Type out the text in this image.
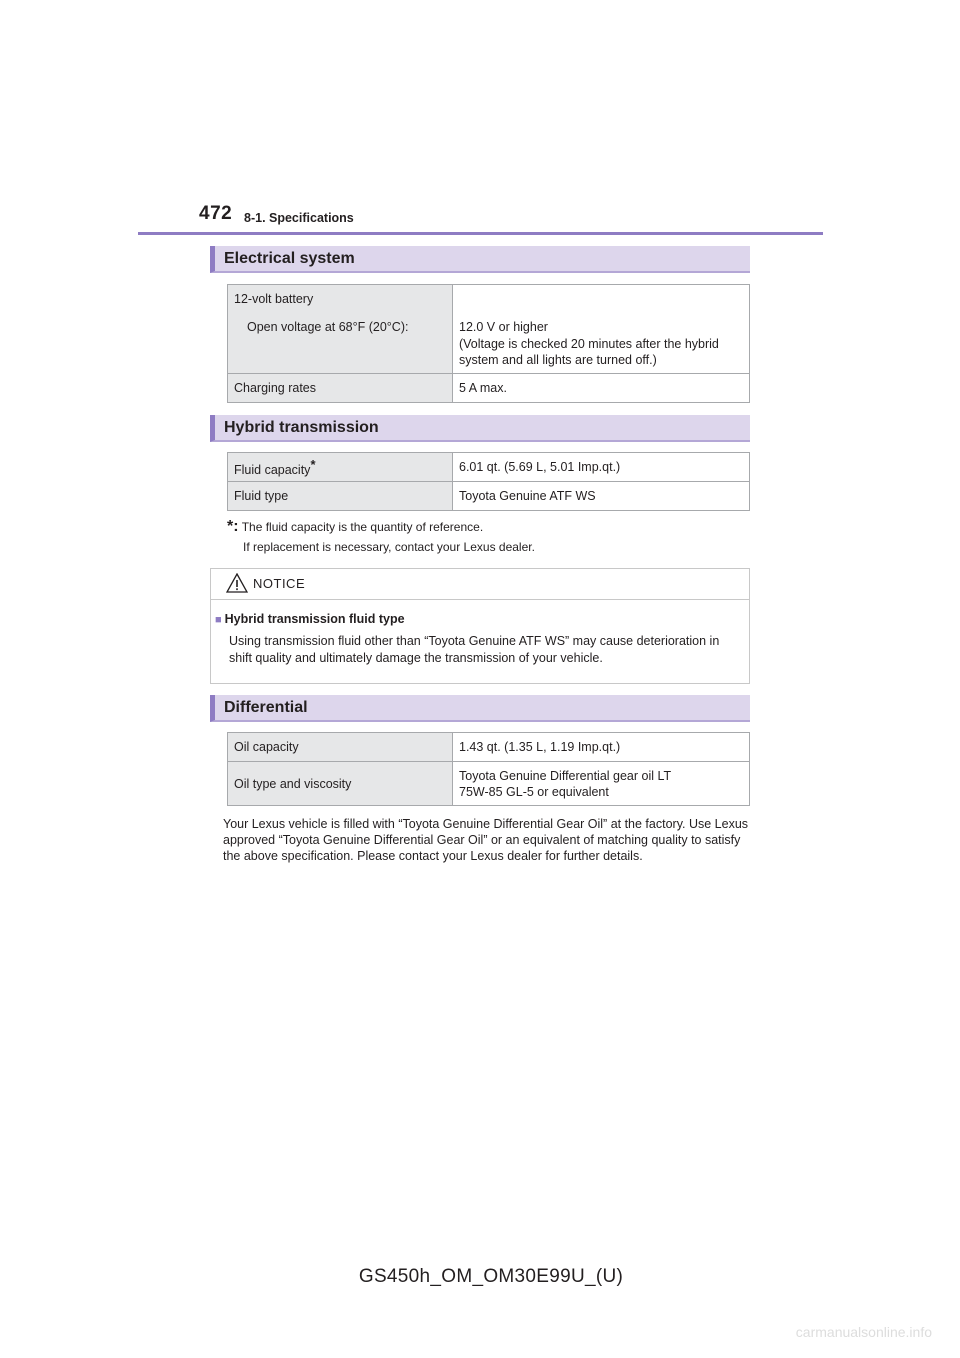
472 8-1. Specifications
Electrical system
12-volt battery
Open voltage at 68°F (20°C):	12.0 V or higher
(Voltage is checked 20 minutes after the hybrid system and all lights are turned off.)

Charging rates	5 A max.
Hybrid transmission
Fluid capacity*	6.01 qt. (5.69 L, 5.01 Imp.qt.)
Fluid type	Toyota Genuine ATF WS
*: The fluid capacity is the quantity of reference.
If replacement is necessary, contact your Lexus dealer.
NOTICE
■ Hybrid transmission fluid type
Using transmission fluid other than “Toyota Genuine ATF WS” may cause deterioration in shift quality and ultimately damage the transmission of your vehicle.
Differential
Oil capacity	1.43 qt. (1.35 L, 1.19 Imp.qt.)
Oil type and viscosity	Toyota Genuine Differential gear oil LT
75W-85 GL-5 or equivalent
Your Lexus vehicle is filled with “Toyota Genuine Differential Gear Oil” at the factory. Use Lexus approved “Toyota Genuine Differential Gear Oil” or an equivalent of matching quality to satisfy the above specification. Please contact your Lexus dealer for further details.
GS450h_OM_OM30E99U_(U)
carmanualsonline.info
